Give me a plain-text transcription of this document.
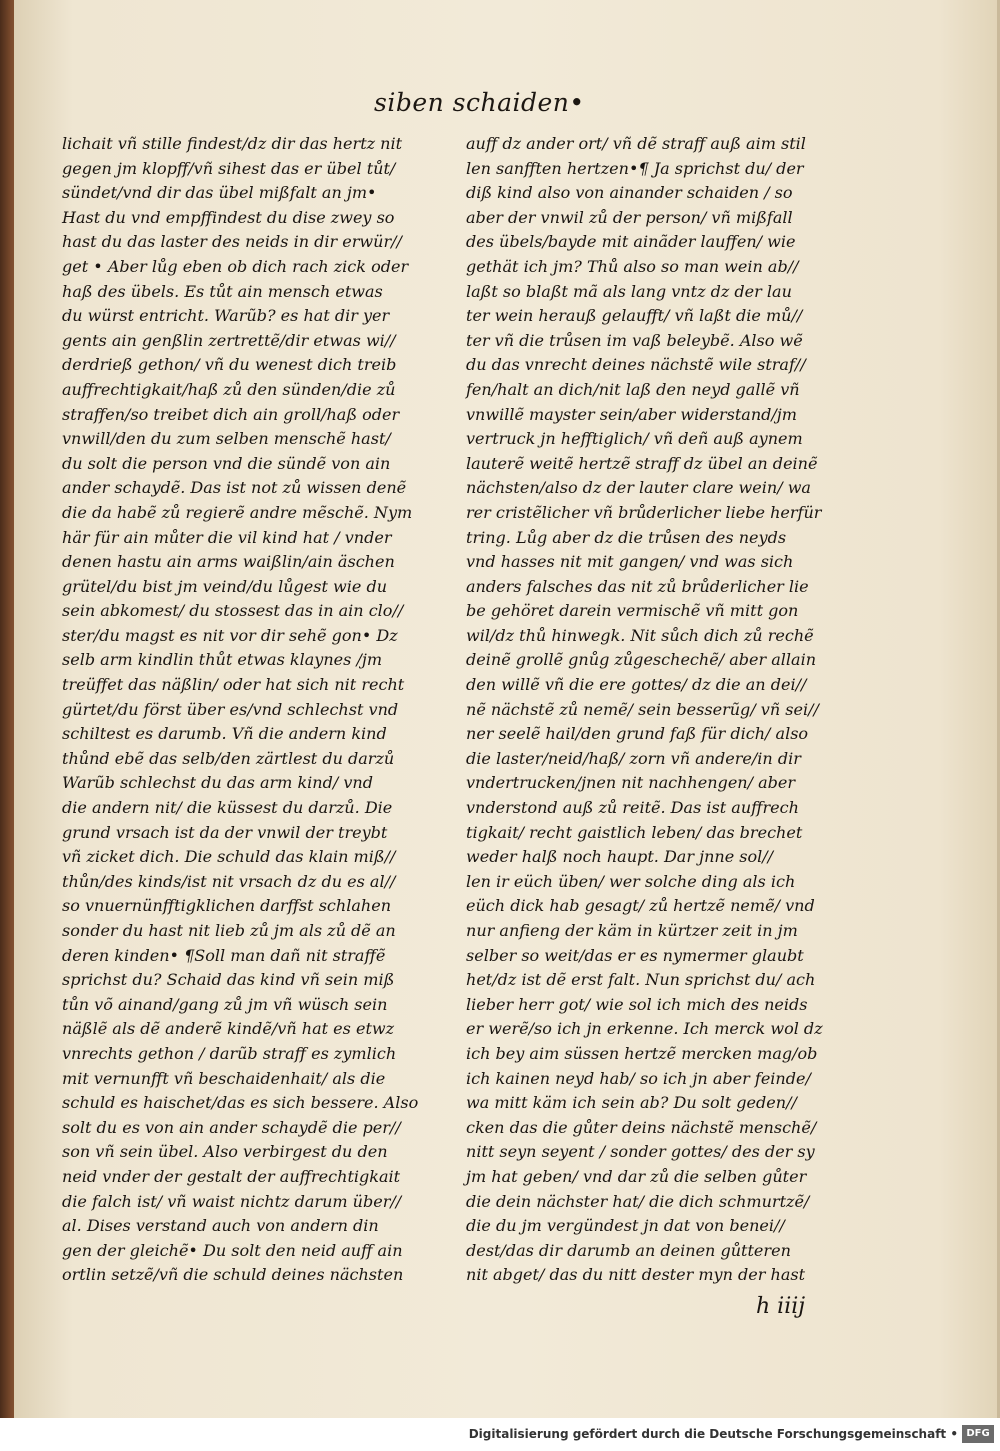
siben schaiden•
lichait vñ stille findest/dz dir das hertz nit
gegen jm klopff/vñ sihest das er übel tůt/
sündet/vnd dir das übel mißfalt an jm•
Hast du vnd empffindest du dise zwey so
hast du das laster des neids in dir erwür//
get • Aber lůg eben ob dich rach zick oder
haß des übels. Es tůt ain mensch etwas
du würst entricht. Warũb? es hat dir yer
gents ain genßlin zertrettẽ/dir etwas wi//
derdrieß gethon/ vñ du wenest dich treib
auffrechtigkait/haß zů den sünden/die zů
straffen/so treibet dich ain groll/haß oder
vnwill/den du zum selben menschẽ hast/
du solt die person vnd die sündẽ von ain
ander schaydẽ. Das ist not zů wissen denẽ
die da habẽ zů regierẽ andre mẽschẽ. Nym
här für ain můter die vil kind hat / vnder
denen hastu ain arms waißlin/ain äschen
grütel/du bist jm veind/du lůgest wie du
sein abkomest/ du stossest das in ain clo//
ster/du magst es nit vor dir sehẽ gon• Dz
selb arm kindlin thůt etwas klaynes /jm
treüffet das näßlin/ oder hat sich nit recht
gürtet/du först über es/vnd schlechst vnd
schiltest es darumb. Vñ die andern kind
thůnd ebẽ das selb/den zärtlest du darzů
Warũb schlechst du das arm kind/ vnd
die andern nit/ die küssest du darzů. Die
grund vrsach ist da der vnwil der treybt
vñ zicket dich. Die schuld das klain miß//
thůn/des kinds/ist nit vrsach dz du es al//
so vnuernünfftigklichen darffst schlahen
sonder du hast nit lieb zů jm als zů dẽ an
deren kinden• ¶Soll man dañ nit straffẽ
sprichst du? Schaid das kind vñ sein miß
tůn võ ainand/gang zů jm vñ wüsch sein
näßlẽ als dẽ anderẽ kindẽ/vñ hat es etwz
vnrechts gethon / darũb straff es zymlich
mit vernunfft vñ beschaidenhait/ als die
schuld es haischet/das es sich bessere. Also
solt du es von ain ander schaydẽ die per//
son vñ sein übel. Also verbirgest du den
neid vnder der gestalt der auffrechtigkait
die falch ist/ vñ waist nichtz darum über//
al. Dises verstand auch von andern din
gen der gleichẽ• Du solt den neid auff ain
ortlin setzẽ/vñ die schuld deines nächsten
auff dz ander ort/ vñ dẽ straff auß aim stil
len sanfften hertzen•¶ Ja sprichst du/ der
diß kind also von ainander schaiden / so
aber der vnwil zů der person/ vñ mißfall
des übels/bayde mit ainãder lauffen/ wie
gethät ich jm? Thů also so man wein ab//
laßt so blaßt mã als lang vntz dz der lau
ter wein herauß gelaufft/ vñ laßt die mů//
ter vñ die trůsen im vaß beleybẽ. Also wẽ
du das vnrecht deines nächstẽ wile straf//
fen/halt an dich/nit laß den neyd gallẽ vñ
vnwillẽ mayster sein/aber widerstand/jm
vertruck jn hefftiglich/ vñ deñ auß aynem
lauterẽ weitẽ hertzẽ straff dz übel an deinẽ
nächsten/also dz der lauter clare wein/ wa
rer cristẽlicher vñ brůderlicher liebe herfür
tring. Lůg aber dz die trůsen des neyds
vnd hasses nit mit gangen/ vnd was sich
anders falsches das nit zů brůderlicher lie
be gehöret darein vermischẽ vñ mitt gon
wil/dz thů hinwegk. Nit sůch dich zů rechẽ
deinẽ grollẽ gnůg zůgeschechẽ/ aber allain
den willẽ vñ die ere gottes/ dz die an dei//
nẽ nächstẽ zů nemẽ/ sein besserũg/ vñ sei//
ner seelẽ hail/den grund faß für dich/ also
die laster/neid/haß/ zorn vñ andere/in dir
vndertrucken/jnen nit nachhengen/ aber
vnderstond auß zů reitẽ. Das ist auffrech
tigkait/ recht gaistlich leben/ das brechet
weder halß noch haupt. Dar jnne sol//
len ir eüch üben/ wer solche ding als ich
eüch dick hab gesagt/ zů hertzẽ nemẽ/ vnd
nur anfieng der käm in kürtzer zeit in jm
selber so weit/das er es nymermer glaubt
het/dz ist dẽ erst falt. Nun sprichst du/ ach
lieber herr got/ wie sol ich mich des neids
er werẽ/so ich jn erkenne. Ich merck wol dz
ich bey aim süssen hertzẽ mercken mag/ob
ich kainen neyd hab/ so ich jn aber feinde/
wa mitt käm ich sein ab? Du solt geden//
cken das die gůter deins nächstẽ menschẽ/
nitt seyn seyent / sonder gottes/ des der sy
jm hat geben/ vnd dar zů die selben gůter
die dein nächster hat/ die dich schmurtzẽ/
die du jm vergündest jn dat von benei//
dest/das dir darumb an deinen gůtteren
nit abget/ das du nitt dester myn der hast
h iiij
Digitalisierung gefördert durch die Deutsche Forschungsgemeinschaft • DFG
